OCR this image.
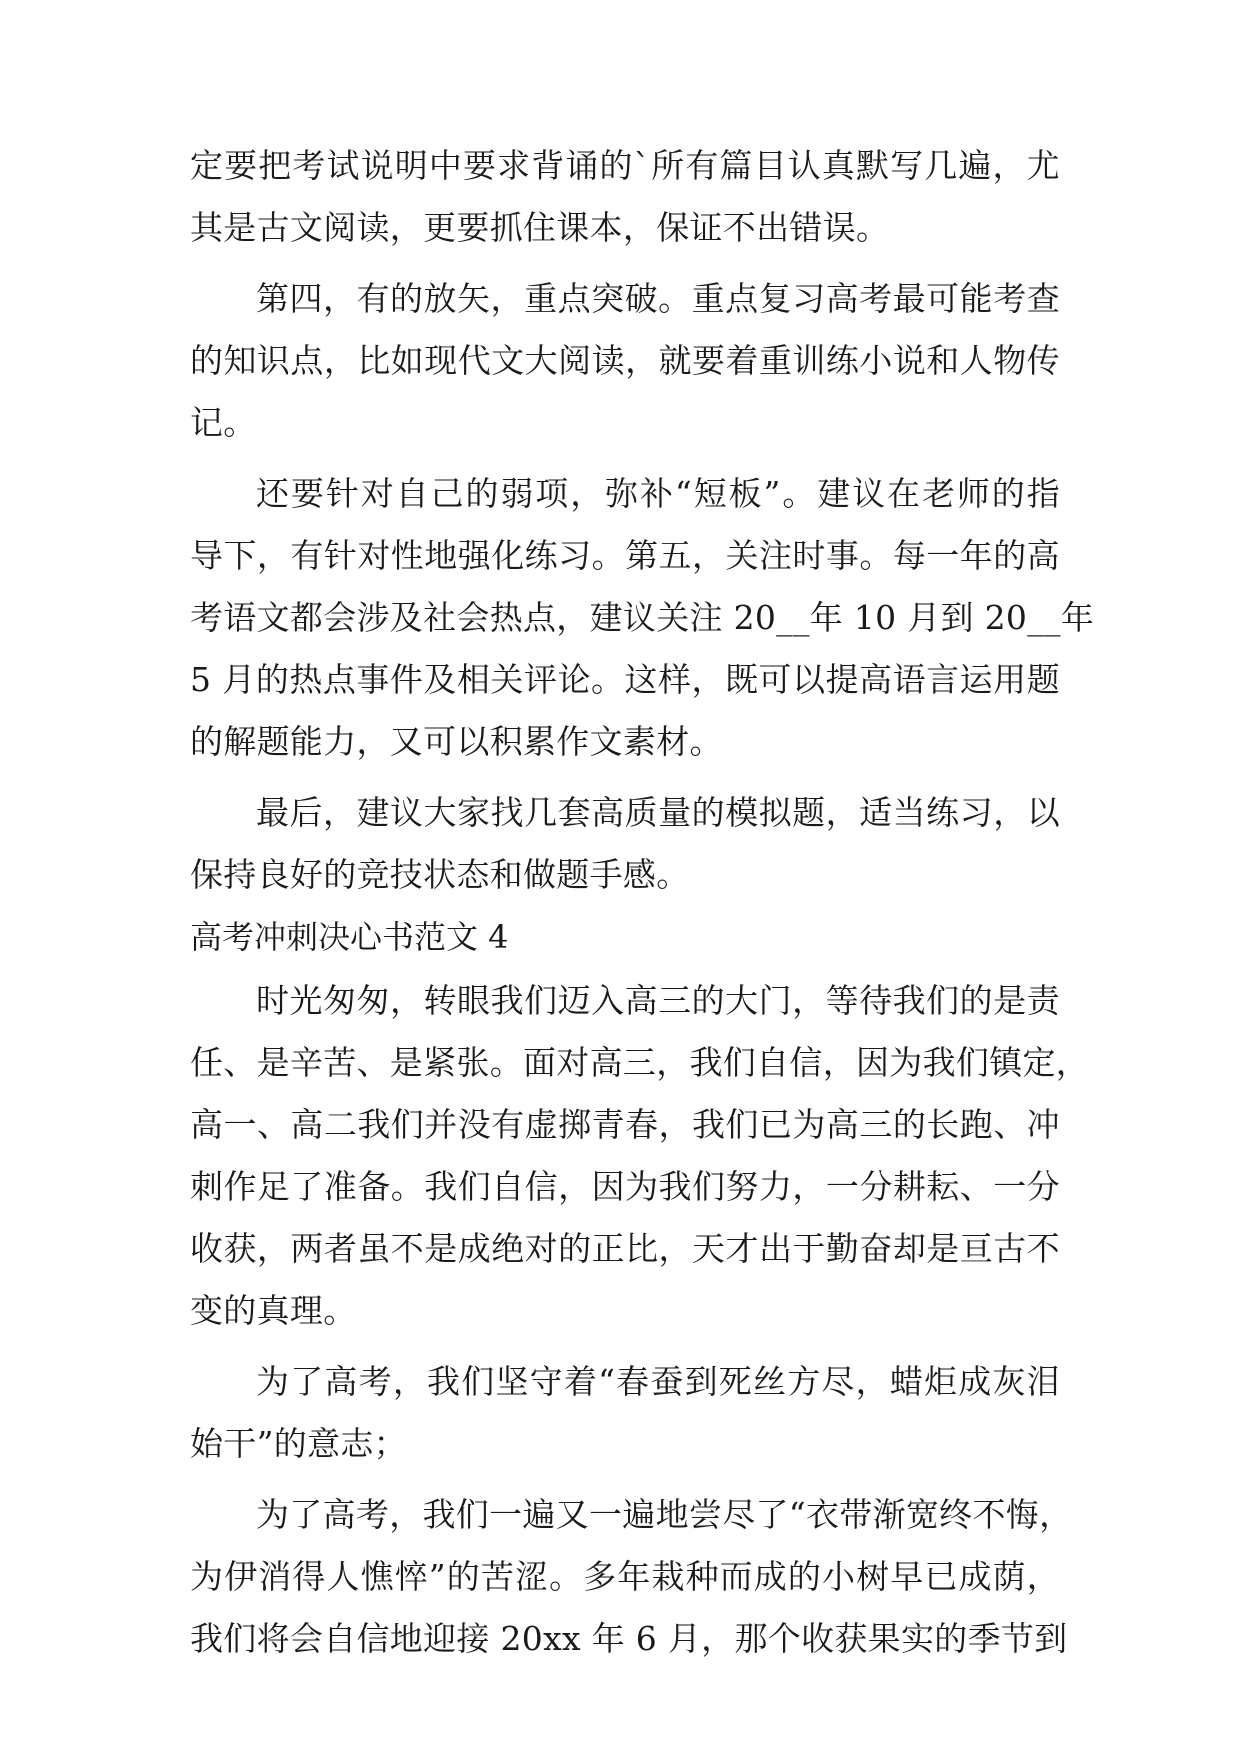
定要把考试说明中要求背诵的`所有篇目认真默写几遍，尤
其是古文阅读，更要抓住课本，保证不出错误。
第四，有的放矢，重点突破。重点复习高考最可能考查
的知识点，比如现代文大阅读，就要着重训练小说和人物传
记。
还要针对自己的弱项，弥补“短板”。建议在老师的指
导下，有针对性地强化练习。第五，关注时事。每一年的高
考语文都会涉及社会热点，建议关注 20__年 10 月到 20__年
5 月的热点事件及相关评论。这样，既可以提高语言运用题
的解题能力，又可以积累作文素材。
最后，建议大家找几套高质量的模拟题，适当练习，以
保持良好的竞技状态和做题手感。
高考冲刺决心书范文 4
时光匆匆，转眼我们迈入高三的大门，等待我们的是责
任、是辛苦、是紧张。面对高三，我们自信，因为我们镇定，
高一、高二我们并没有虚掷青春，我们已为高三的长跑、冲
刺作足了准备。我们自信，因为我们努力，一分耕耘、一分
收获，两者虽不是成绝对的正比，天才出于勤奋却是亘古不
变的真理。
为了高考，我们坚守着“春蚕到死丝方尽，蜡炬成灰泪
始干”的意志；
为了高考，我们一遍又一遍地尝尽了“衣带渐宽终不悔，
为伊消得人憔悴”的苦涩。多年栽种而成的小树早已成荫，
我们将会自信地迎接 20xx 年 6 月，那个收获果实的季节到
